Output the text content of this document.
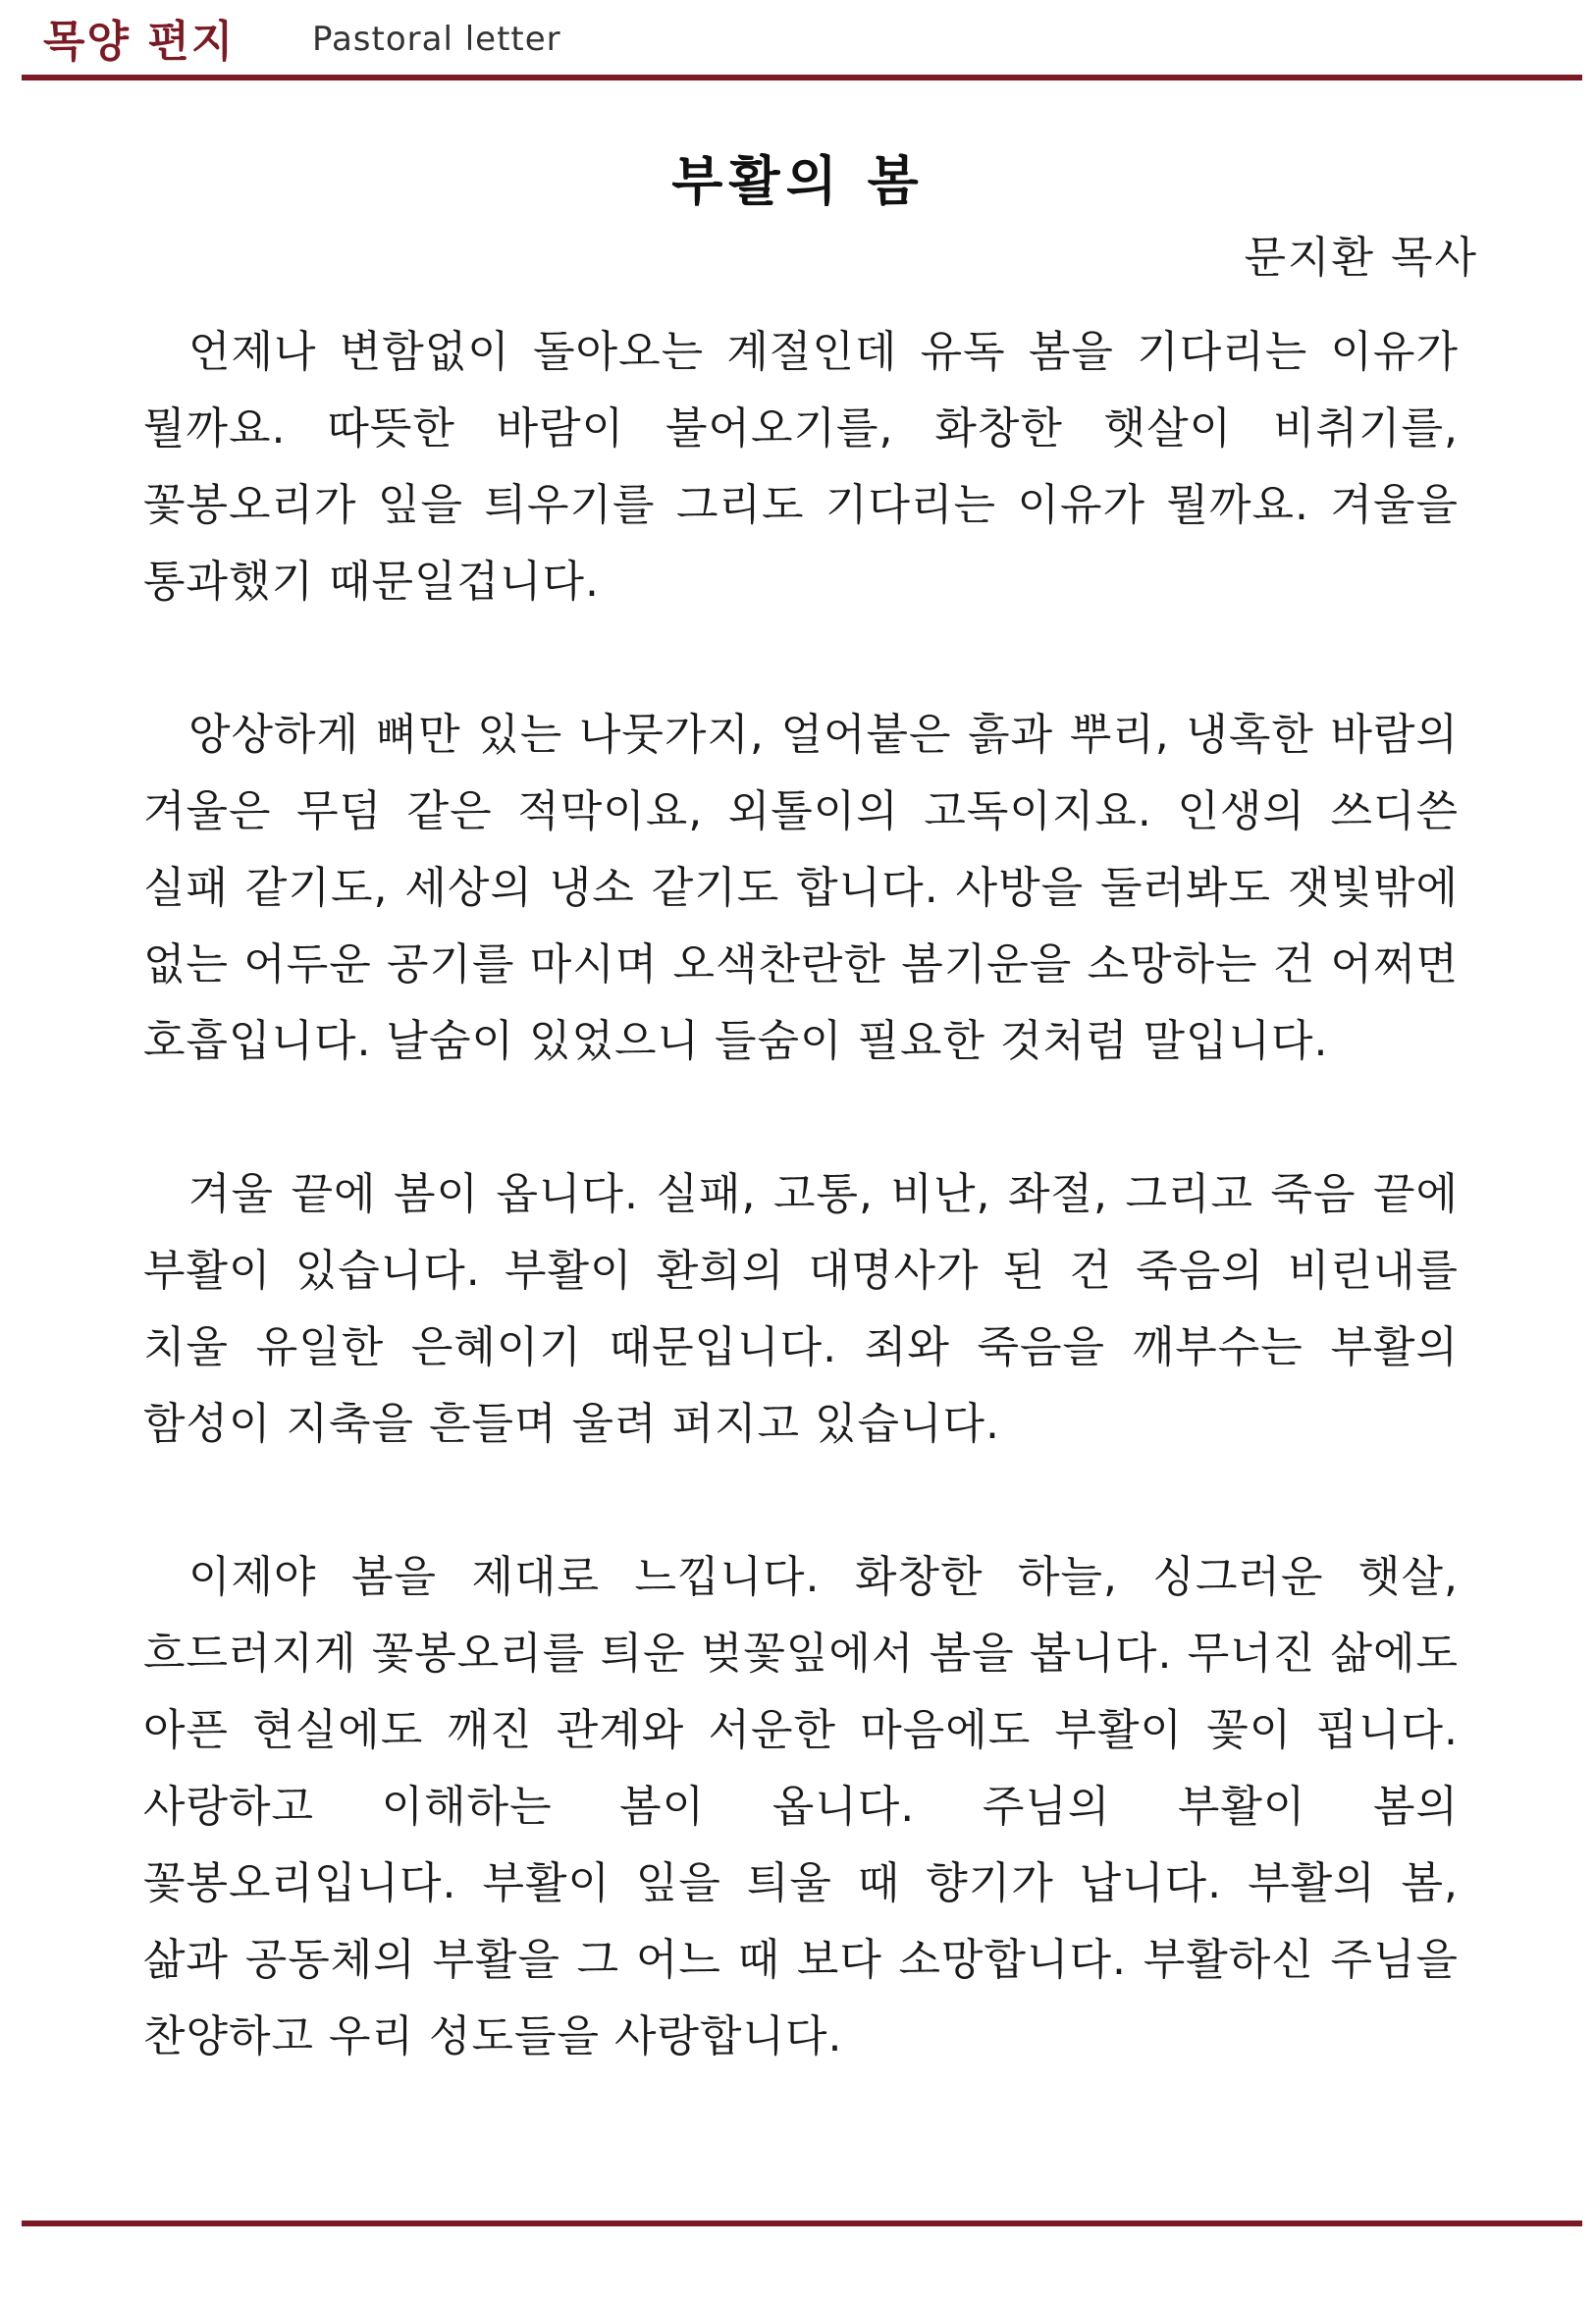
목양 편지 Pastoral letter
부활의 봄
문지환 목사

언제나 변함없이 돌아오는 계절인데 유독 봄을 기다리는 이유가 뭘까요. 따뜻한 바람이 불어오기를, 화창한 햇살이 비취기를, 꽃봉오리가 잎을 틔우기를 그리도 기다리는 이유가 뭘까요. 겨울을 통과했기 때문일겁니다.

앙상하게 뼈만 있는 나뭇가지, 얼어붙은 흙과 뿌리, 냉혹한 바람의 겨울은 무덤 같은 적막이요, 외톨이의 고독이지요. 인생의 쓰디쓴 실패 같기도, 세상의 냉소 같기도 합니다. 사방을 둘러봐도 잿빛밖에 없는 어두운 공기를 마시며 오색찬란한 봄기운을 소망하는 건 어쩌면 호흡입니다. 날숨이 있었으니 들숨이 필요한 것처럼 말입니다.

겨울 끝에 봄이 옵니다. 실패, 고통, 비난, 좌절, 그리고 죽음 끝에 부활이 있습니다. 부활이 환희의 대명사가 된 건 죽음의 비린내를 치울 유일한 은혜이기 때문입니다. 죄와 죽음을 깨부수는 부활의 함성이 지축을 흔들며 울려 퍼지고 있습니다.

이제야 봄을 제대로 느낍니다. 화창한 하늘, 싱그러운 햇살, 흐드러지게 꽃봉오리를 틔운 벚꽃잎에서 봄을 봅니다. 무너진 삶에도 아픈 현실에도 깨진 관계와 서운한 마음에도 부활이 꽃이 핍니다. 사랑하고 이해하는 봄이 옵니다. 주님의 부활이 봄의 꽃봉오리입니다. 부활이 잎을 틔울 때 향기가 납니다. 부활의 봄, 삶과 공동체의 부활을 그 어느 때 보다 소망합니다. 부활하신 주님을 찬양하고 우리 성도들을 사랑합니다.
